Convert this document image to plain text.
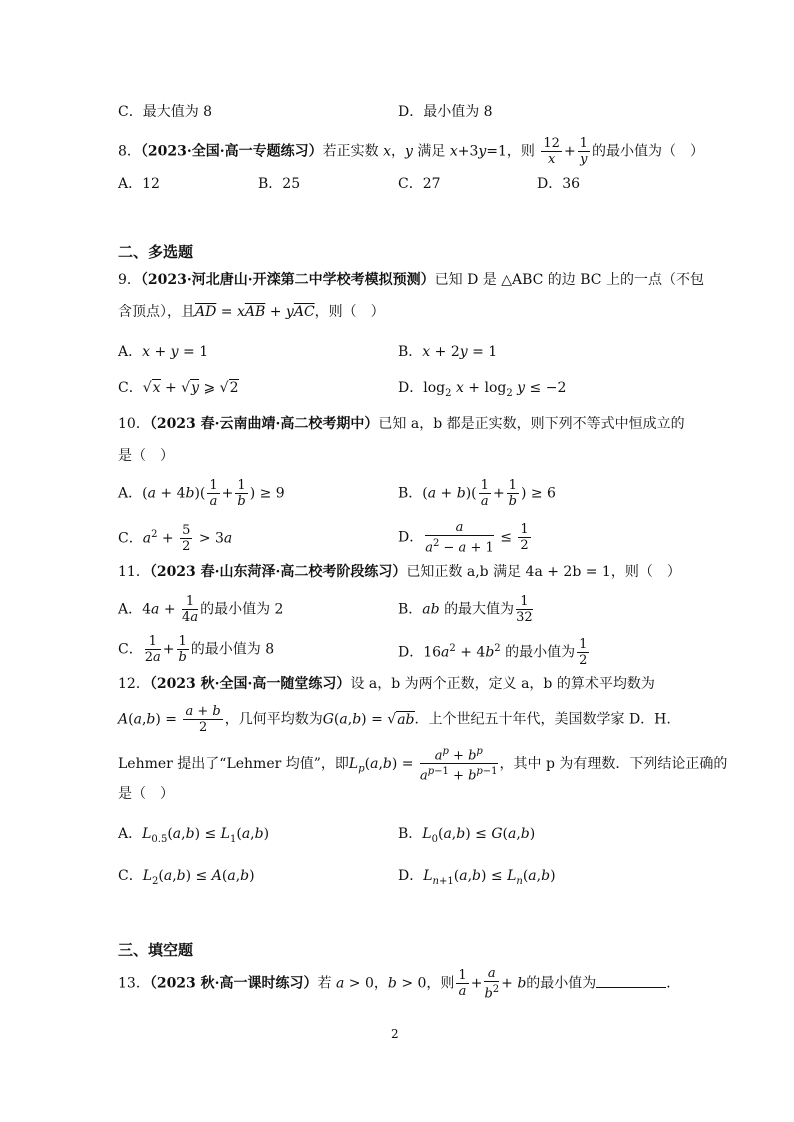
C．最大值为 8	D．最小值为 8
8．（2023·全国·高一专题练习）若正实数 x，y 满足 x+3y=1，则 $\frac{12}{x} + \frac{1}{y}$ 的最小值为（　）
A．12	B．25	C．27	D．36
二、多选题
9．（2023·河北唐山·开滦第二中学校考模拟预测）已知 D 是 △ABC 的边 BC 上的一点（不包
含顶点），且$\overline{AD} = x\overline{AB} + y\overline{AC}$，则（　）
A．x + y = 1	B．x + 2y = 1
C．√x + √y ⩾ √2	D．$\log_2 x + \log_2 y \le -2$
10．（2023 春·云南曲靖·高二校考期中）已知 a，b 都是正实数，则下列不等式中恒成立的
是（　）
A．$(a + 4b)( \frac{1}{a} + \frac{1}{b}$ ) ≥ 9	B．$(a + b)( \frac{1}{a} + \frac{1}{b}$ ) ≥ 6
C．$a^2 + \frac{5}{2} > 3a$	D． $\frac{a}{a^2 - a + 1} \le \frac{1}{2}$
11．（2023 春·山东菏泽·高二校考阶段练习）已知正数 a,b 满足 4a + 2b = 1，则（　）
A．$4a + \frac{1}{4a}$ 的最小值为 2	B．ab 的最大值为 $\frac{1}{32}$
C． $\frac{1}{2a} + \frac{1}{b}$ 的最小值为 8	D．$16a^2 + 4b^2$ 的最小值为 $\frac{1}{2}$
12．（2023 秋·全国·高一随堂练习）设 a，b 为两个正数，定义 a，b 的算术平均数为
$A(a,b) = \frac{a + b}{2}$ ，几何平均数为G(a,b) = √ab．上个世纪五十年代，美国数学家 D．H.
Lehmer 提出了“Lehmer 均值”，即$L_p(a,b) = \frac{a^p + b^p}{a^{p-1} + b^{p-1}}$ ，其中 p 为有理数．下列结论正确的
是（　）
A．$L_{0.5}(a,b) \le L_1(a,b)$	B．$L_0(a,b) \le G(a,b)$
C．$L_2(a,b) \le A(a,b)$	D．$L_{n+1}(a,b) \le L_n(a,b)$
三、填空题
13．（2023 秋·高一课时练习）若 a > 0，b > 0，则 $\frac{1}{a} + \frac{a}{b^2} + b$的最小值为	．
2
